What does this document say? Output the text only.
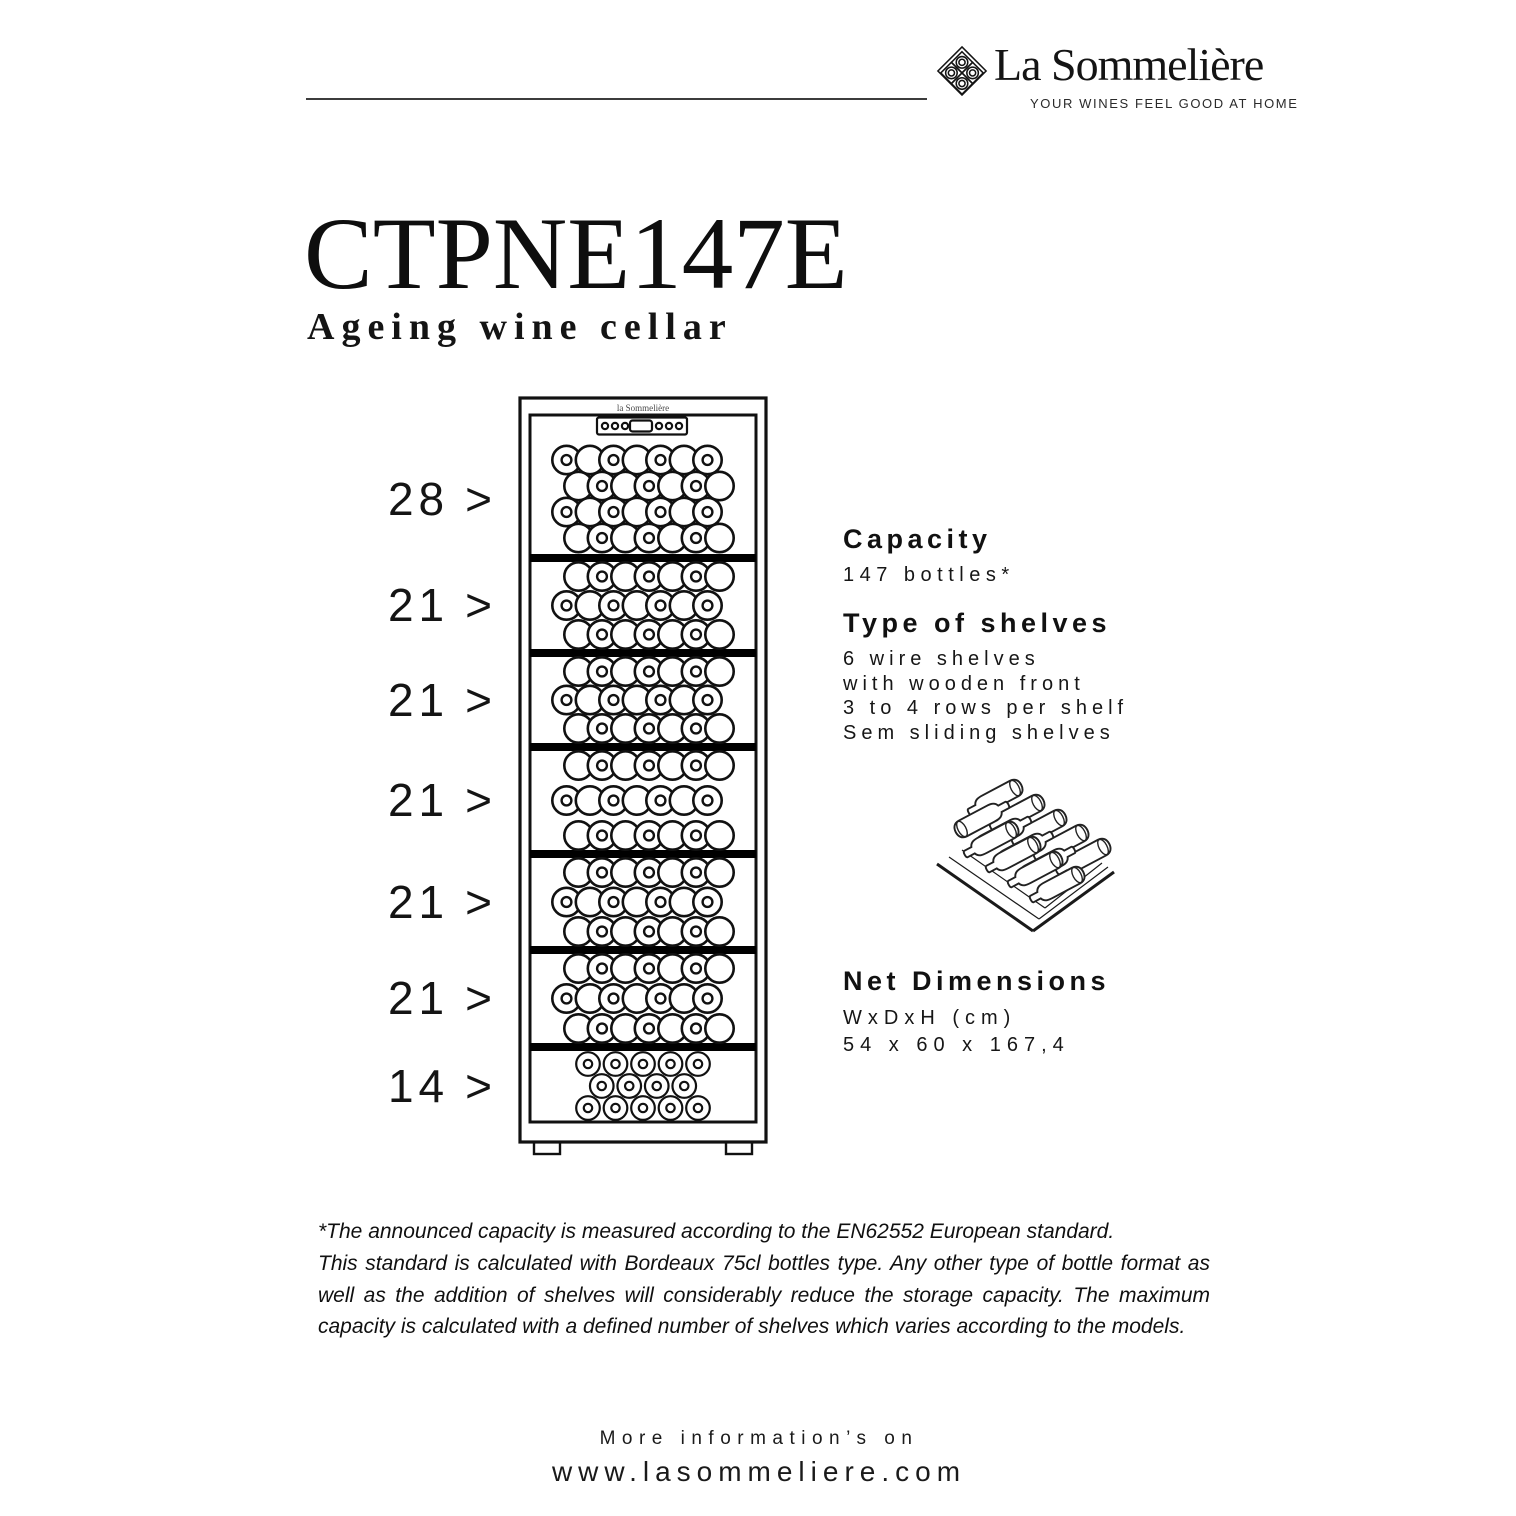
La Sommelière
YOUR WINES FEEL GOOD AT HOME
CTPNE147E
Ageing wine cellar
28 >
21 >
21 >
21 >
21 >
21 >
14 >
la Sommelière
Capacity
147 bottles*
Type of shelves
6 wire shelves
with wooden front
3 to 4 rows per shelf
Sem sliding shelves
Net Dimensions
WxDxH (cm)
54 x 60 x 167,4
*The announced capacity is measured according to the EN62552 European standard.
This standard is calculated with Bordeaux 75cl bottles type. Any other type of bottle format as well as the addition of shelves will considerably reduce the storage capacity. The maximum capacity is calculated with a defined number of shelves which varies according to the models.
More information’s on
www.lasommeliere.com
